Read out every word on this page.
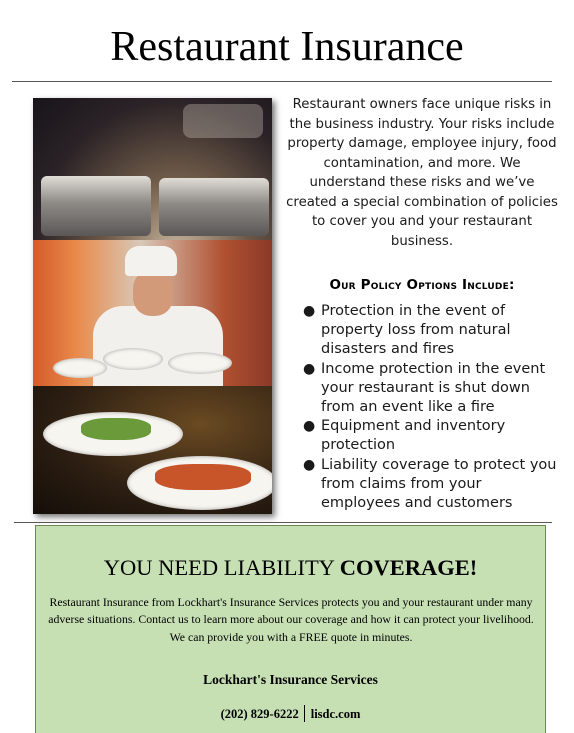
Restaurant Insurance
Restaurant owners face unique risks in the business industry. Your risks include property damage, employee injury, food contamination, and more. We understand these risks and we’ve created a special combination of policies to cover you and your restaurant business.
Our Policy Options Include:
● Protection in the event of property loss from natural disasters and fires
● Income protection in the event your restaurant is shut down from an event like a fire
● Equipment and inventory protection
● Liability coverage to protect you from claims from your employees and customers
YOU NEED LIABILITY COVERAGE!
Restaurant Insurance from Lockhart's Insurance Services protects you and your restaurant under many adverse situations. Contact us to learn more about our coverage and how it can protect your livelihood. We can provide you with a FREE quote in minutes.
Lockhart's Insurance Services
(202) 829-6222 lisdc.com
